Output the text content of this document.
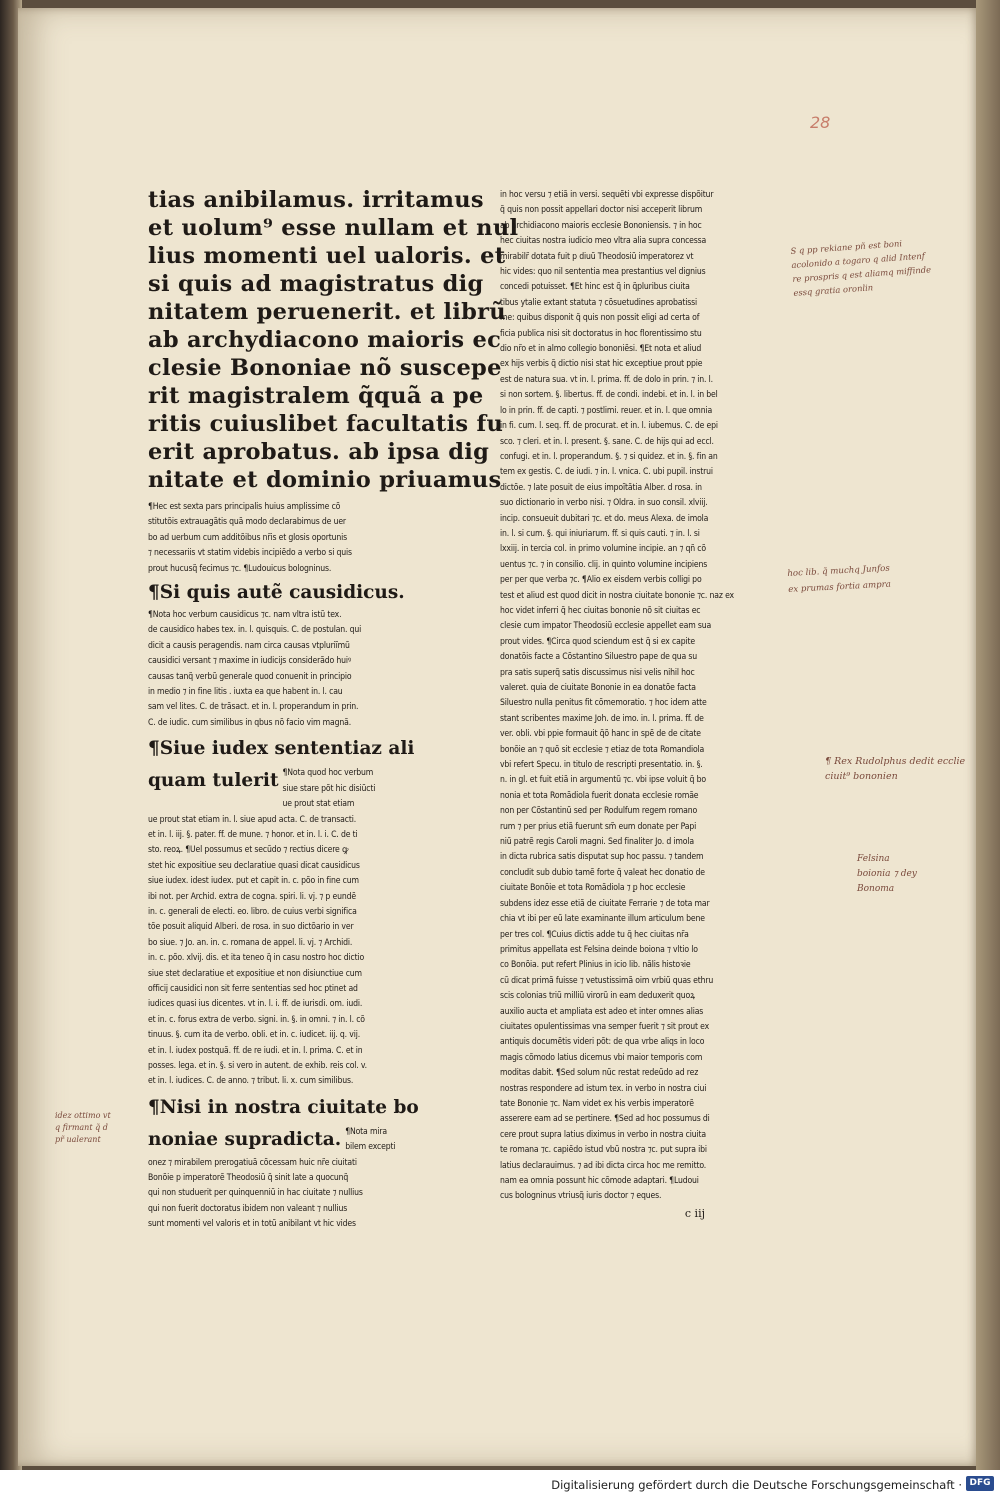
28
tias anibilamus. irritamus
et uolum⁹ esse nullam et nul
lius momenti uel ualoris. et
si quis ad magistratus dig
nitatem peruenerit. et librũ
ab archydiacono maioris ec
clesie Bononiae nõ suscepe
rit magistralem q̃quã a pe
ritis cuiuslibet facultatis fu
erit aprobatus. ab ipsa dig
nitate et dominio priuamus
¶Hec est sexta pars principalis huius amplissime cõ
stitutõis extrauagãtis quã modo declarabimus de uer
bo ad uerbum cum additõibus nr̃is et glosis oportunis
⁊ necessariis vt statim videbis incipiẽdo a verbo si quis
prout hucusq̃ fecimus ⁊c. ¶Ludouicus bologninus.
¶Si quis autẽ causidicus.
¶Nota hoc verbum causidicus ⁊c. nam vltra istũ tex.
de causidico habes tex. in. l. quisquis. C. de postulan. qui
dicit a causis peragendis. nam circa causas vtpluriĩmũ
causidici versant ⁊ maxime in iudicijs considerãdo huiꝰ
causas tanq̃ verbũ generale quod conuenit in principio
in medio ⁊ in fine litis . iuxta ea que habent in. l. cau
sam vel lites. C. de trãsact. et in. l. properandum in prin.
C. de iudic. cum similibus in qbus nõ facio vim magnã.
¶Siue iudex sententiaz ali
quam tulerit ¶Nota quod hoc verbum
siue stare põt hic disiũcti
ue prout stat etiam
ue prout stat etiam in. l. siue apud acta. C. de transacti.
et in. l. iij. §. pater. ff. de mune. ⁊ honor. et in. l. i. C. de ti
sto. reoꝝ. ¶Uel possumus et secũdo ⁊ rectius dicere ꝙ
stet hic expositiue seu declaratiue quasi dicat causidicus
siue iudex. idest iudex. put et capit in. c. põo in fine cum
ibi not. per Archid. extra de cogna. spiri. li. vj. ⁊ p eundẽ
in. c. generali de electi. eo. libro. de cuius verbi significa
tõe posuit aliquid Alberi. de rosa. in suo dictõario in ver
bo siue. ⁊ Jo. an. in. c. romana de appel. li. vj. ⁊ Archidi.
in. c. põo. xlvij. dis. et ita teneo q̃ in casu nostro hoc dictio
siue stet declaratiue et expositiue et non disiunctiue cum
officij causidici non sit ferre sententias sed hoc ptinet ad
iudices quasi ius dicentes. vt in. l. i. ff. de iurisdi. om. iudi.
et in. c. forus extra de verbo. signi. in. §. in omni. ⁊ in. l. cõ
tinuus. §. cum ita de verbo. obli. et in. c. iudicet. iij. q. vij.
et in. l. iudex postquã. ff. de re iudi. et in. l. prima. C. et in
posses. lega. et in. §. si vero in autent. de exhib. reis col. v.
et in. l. iudices. C. de anno. ⁊ tribut. li. x. cum similibus.
¶Nisi in nostra ciuitate bo
noniae supradicta. ¶Nota mira
bilem excepti
onez ⁊ mirabilem prerogatiuã cõcessam huic nr̃e ciuitati
Bonõie p imperatorẽ Theodosiũ q̃ sinit late a quocunq̃
qui non studuerit per quinquenniũ in hac ciuitate ⁊ nullius
qui non fuerit doctoratus ibidem non valeant ⁊ nullius
sunt momenti vel valoris et in totũ anibilant vt hic vides
in hoc versu ⁊ etiã in versi. sequẽti vbi expresse dispõitur
q̃ quis non possit appellari doctor nisi acceperit librum
ab archidiacono maioris ecclesie Bononiensis. ⁊ in hoc
hec ciuitas nostra iudicio meo vltra alia supra concessa
mirabilr̃ dotata fuit p diuũ Theodosiũ imperatorez vt
hic vides: quo nil sententia mea prestantius vel dignius
concedi potuisset. ¶Et hinc est q̃ in q̃pluribus ciuita
tibus ytalie extant statuta ⁊ cõsuetudines aprobatissi
me: quibus disponit q̃ quis non possit eligi ad certa of
ficia publica nisi sit doctoratus in hoc florentissimo stu
dio nr̃o et in almo collegio bononiẽsi. ¶Et nota et aliud
ex hijs verbis q̃ dictio nisi stat hic exceptiue prout ppie
est de natura sua. vt in. l. prima. ff. de dolo in prin. ⁊ in. l.
si non sortem. §. libertus. ff. de condi. indebi. et in. l. in bel
lo in prin. ff. de capti. ⁊ postlimi. reuer. et in. l. que omnia
in fi. cum. l. seq. ff. de procurat. et in. l. iubemus. C. de epi
sco. ⁊ cleri. et in. l. present. §. sane. C. de hijs qui ad eccl.
confugi. et in. l. properandum. §. ⁊ si quidez. et in. §. fin an
tem ex gestis. C. de iudi. ⁊ in. l. vnica. C. ubi pupil. instrui
dictõe. ⁊ late posuit de eius impoĩtãtia Alber. d rosa. in
suo dictionario in verbo nisi. ⁊ Oldra. in suo consil. xlviij.
incip. consueuit dubitari ⁊c. et do. meus Alexa. de imola
in. l. si cum. §. qui iniuriarum. ff. si quis cauti. ⁊ in. l. si
lxxiij. in tercia col. in primo volumine incipie. an ⁊ qñ cõ
uentus ⁊c. ⁊ in consilio. clij. in quinto volumine incipiens
per per que verba ⁊c. ¶Alio ex eisdem verbis colligi po
test et aliud est quod dicit in nostra ciuitate bononie ⁊c. naz ex
hoc videt inferri q̃ hec ciuitas bononie nõ sit ciuitas ec
clesie cum impator Theodosiũ ecclesie appellet eam sua
prout vides. ¶Circa quod sciendum est q̃ si ex capite
donatõis facte a Cõstantino Siluestro pape de qua su
pra satis superq̃ satis discussimus nisi velis nihil hoc
valeret. quia de ciuitate Bononie in ea donatõe facta
Siluestro nulla penitus fit cõmemoratio. ⁊ hoc idem atte
stant scribentes maxime Joh. de imo. in. l. prima. ff. de
ver. obli. vbi ppie formauit q̃õ hanc in spẽ de de citate
bonõie an ⁊ quõ sit ecclesie ⁊ etiaz de tota Romandiola
vbi refert Specu. in titulo de rescripti presentatio. in. §.
n. in gl. et fuit etiã in argumentũ ⁊c. vbi ipse voluit q̃ bo
nonia et tota Romãdiola fuerit donata ecclesie romãe
non per Cõstantinũ sed per Rodulfum regem romano
rum ⁊ per prius etiã fuerunt sm̃ eum donate per Papi
niũ patrẽ regis Caroli magni. Sed finaliter Jo. d imola
in dicta rubrica satis disputat sup hoc passu. ⁊ tandem
concludit sub dubio tamẽ forte q̃ valeat hec donatio de
ciuitate Bonõie et tota Romãdiola ⁊ ꝑ hoc ecclesie
subdens idez esse etiã de ciuitate Ferrarie ⁊ de tota mar
chia vt ibi per eũ late examinante illum articulum bene
per tres col. ¶Cuius dictis adde tu q̃ hec ciuitas nr̃a
primitus appellata est Felsina deinde boiona ⁊ vltio lo
co Bonõia. put refert Plinius in icio lib. nãlis histoꝛie
cũ dicat primã fuisse ⁊ vetustissimã oim vrbiũ quas ethru
scis colonias triũ milliũ virorũ in eam deduxerit quoꝝ
auxilio aucta et ampliata est adeo et inter omnes alias
ciuitates opulentissimas vna semper fuerit ⁊ sit prout ex
antiquis documẽtis videri põt: de qua vrbe aliqs in loco
magis cõmodo latius dicemus vbi maior temporis com
moditas dabit. ¶Sed solum nũc restat redeũdo ad rez
nostras respondere ad istum tex. in verbo in nostra ciui
tate Bononie ⁊c. Nam videt ex his verbis imperatorẽ
asserere eam ad se pertinere. ¶Sed ad hoc possumus di
cere prout supra latius diximus in verbo in nostra ciuita
te romana ⁊c. capiẽdo istud vbũ nostra ⁊c. put supra ibi
latius declarauimus. ⁊ ad ibi dicta circa hoc me remitto.
nam ea omnia possunt hic cõmode adaptari. ¶Ludoui
cus bologninus vtriusq̃ iuris doctor ⁊ eques.
c iij
S q pp rekiane pñ est boni
acolonido a togaro q alid Intenf
re prospris q est aliamq miffinde
essq gratia oronlin
hoc lib. q̃ muchq Junfos
ex prumas fortia ampra
¶ Rex Rudolphus dedit ecclie
ciuit⁹ bononien
Felsina
boionia ⁊ dey
Bonoma
idez ottimo vt
q firmant q̃ d
pr̃ ualerant
Digitalisierung gefördert durch die Deutsche Forschungsgemeinschaft · DFG
